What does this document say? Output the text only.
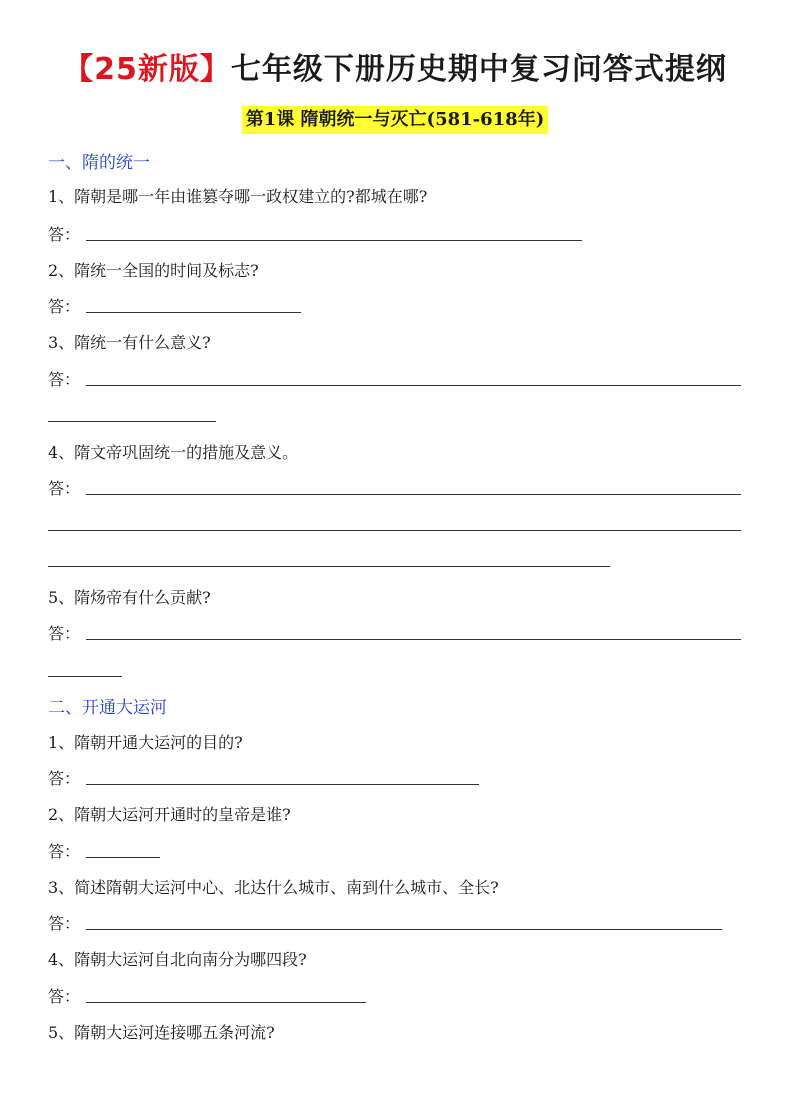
【25新版】七年级下册历史期中复习问答式提纲
第1课 隋朝统一与灭亡(581-618年)
一、隋的统一
1、隋朝是哪一年由谁篡夺哪一政权建立的?都城在哪?
答：
2、隋统一全国的时间及标志?
答：
3、隋统一有什么意义?
答：
4、隋文帝巩固统一的措施及意义。
答：
5、隋炀帝有什么贡献?
答：
二、开通大运河
1、隋朝开通大运河的目的?
答：
2、隋朝大运河开通时的皇帝是谁?
答：
3、简述隋朝大运河中心、北达什么城市、南到什么城市、全长?
答：
4、隋朝大运河自北向南分为哪四段?
答：
5、隋朝大运河连接哪五条河流?
